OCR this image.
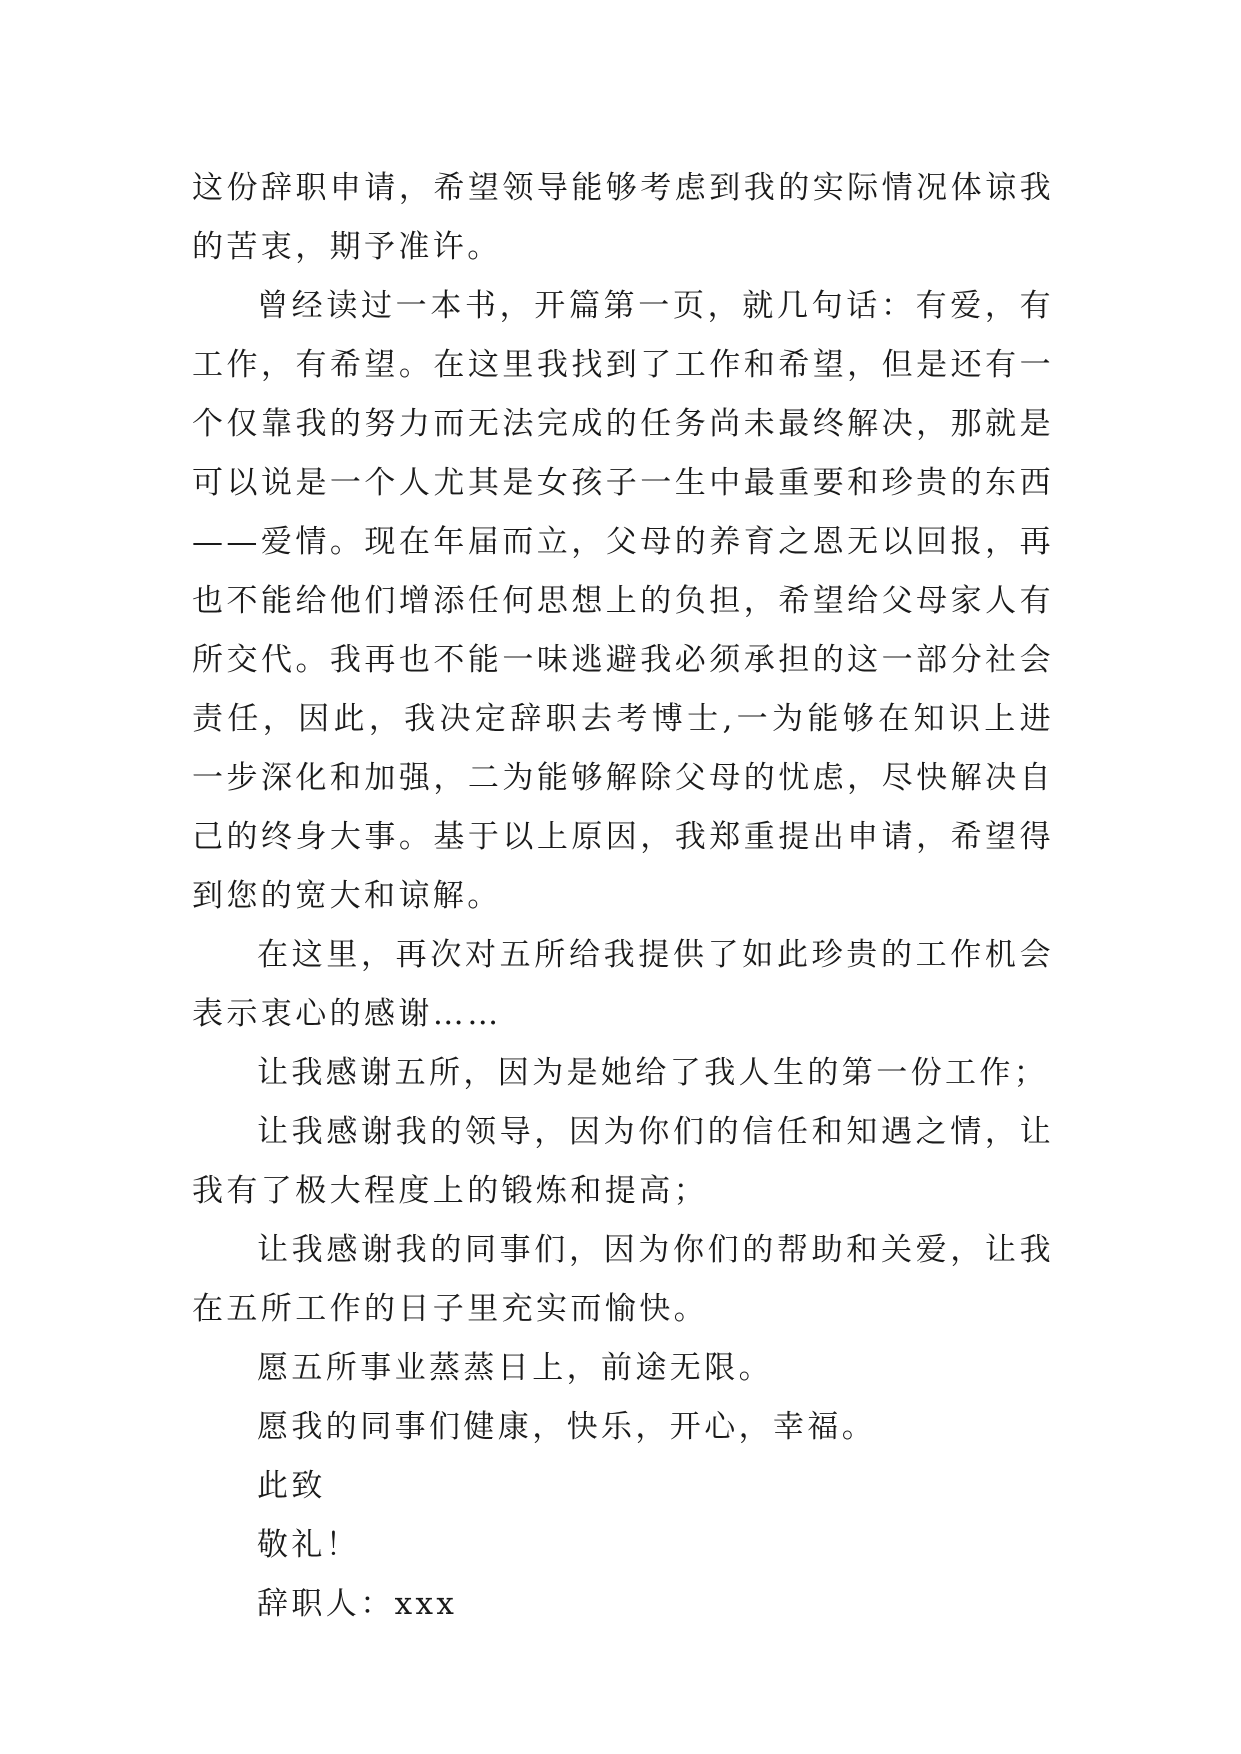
这份辞职申请，希望领导能够考虑到我的实际情况体谅我的苦衷，期予准许。

曾经读过一本书，开篇第一页，就几句话：有爱，有工作，有希望。在这里我找到了工作和希望，但是还有一个仅靠我的努力而无法完成的任务尚未最终解决，那就是可以说是一个人尤其是女孩子一生中最重要和珍贵的东西——爱情。现在年届而立，父母的养育之恩无以回报，再也不能给他们增添任何思想上的负担，希望给父母家人有所交代。我再也不能一味逃避我必须承担的这一部分社会责任，因此，我决定辞职去考博士,一为能够在知识上进一步深化和加强，二为能够解除父母的忧虑，尽快解决自己的终身大事。基于以上原因，我郑重提出申请，希望得到您的宽大和谅解。

在这里，再次对五所给我提供了如此珍贵的工作机会表示衷心的感谢……

让我感谢五所，因为是她给了我人生的第一份工作；

让我感谢我的领导，因为你们的信任和知遇之情，让我有了极大程度上的锻炼和提高；

让我感谢我的同事们，因为你们的帮助和关爱，让我在五所工作的日子里充实而愉快。

愿五所事业蒸蒸日上，前途无限。

愿我的同事们健康，快乐，开心，幸福。

此致

敬礼！

辞职人：xxx
